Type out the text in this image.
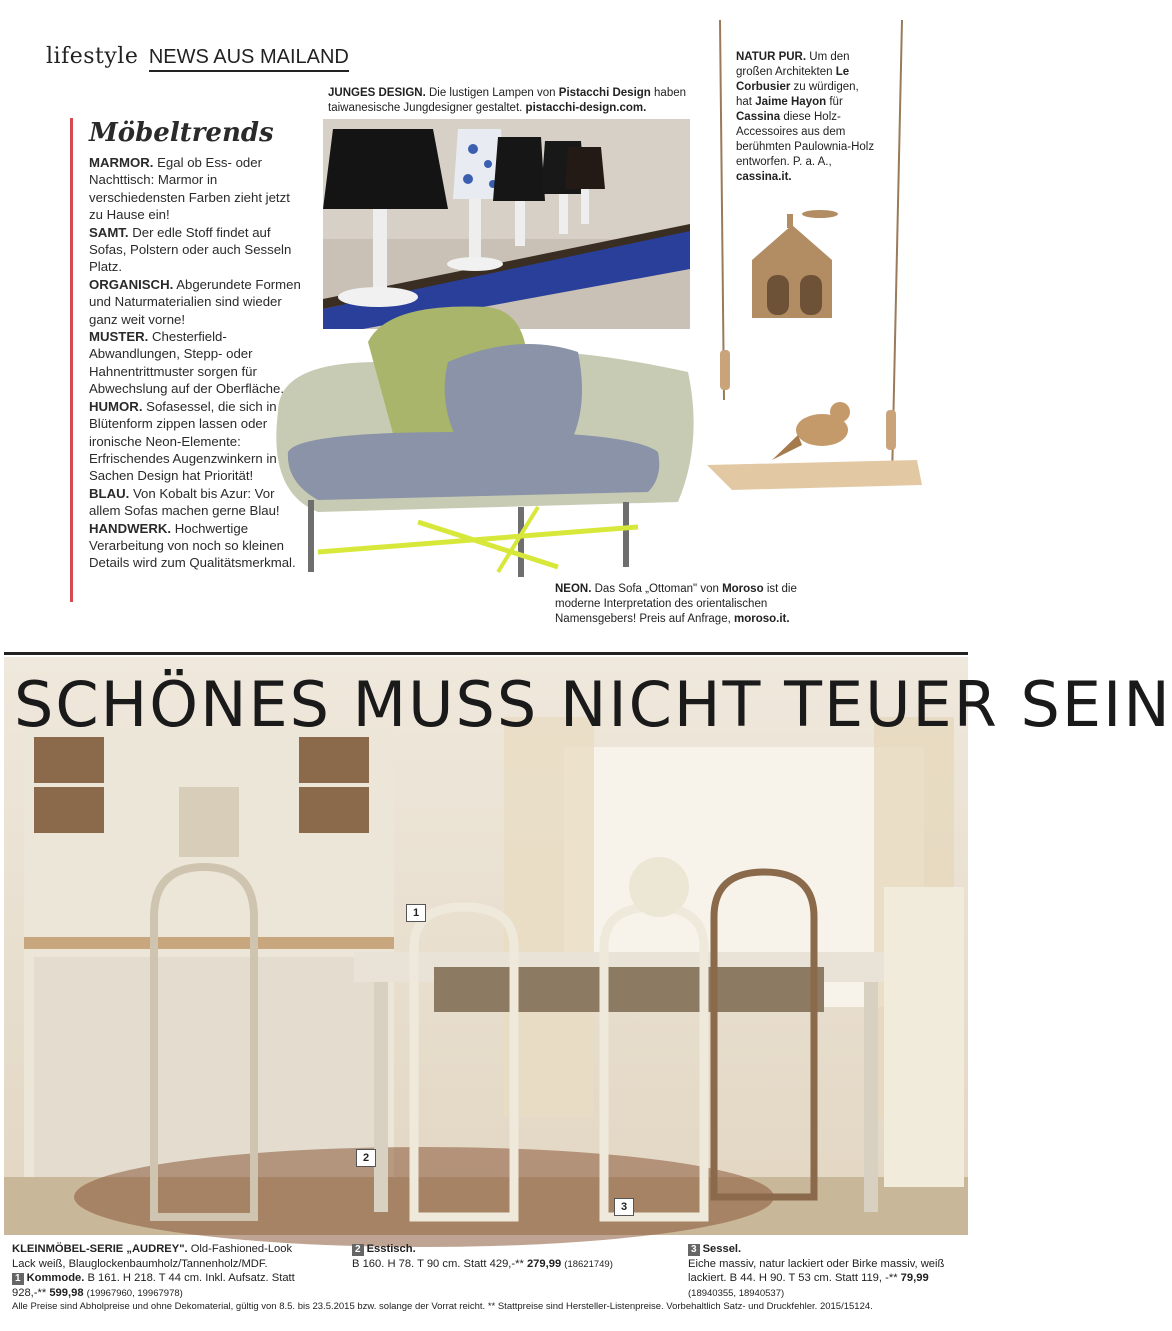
lifestyle NEWS AUS MAILAND
JUNGES DESIGN. Die lustigen Lampen von Pistacchi Design haben taiwanesische Jungdesigner gestaltet. pistacchi-design.com.
NATUR PUR. Um den großen Architekten Le Corbusier zu würdigen, hat Jaime Hayon für Cassina diese Holz-Accessoires aus dem berühmten Paulownia-Holz entworfen. P. a. A., cassina.it.
Möbeltrends
MARMOR. Egal ob Ess- oder Nachttisch: Marmor in verschiedensten Farben zieht jetzt zu Hause ein!
SAMT. Der edle Stoff findet auf Sofas, Polstern oder auch Sesseln Platz.
ORGANISCH. Abgerundete Formen und Naturmaterialien sind wieder ganz weit vorne!
MUSTER. Chesterfield-Abwandlungen, Stepp- oder Hahnentrittmuster sorgen für Abwechslung auf der Oberfläche.
HUMOR. Sofasessel, die sich in Blütenform zippen lassen oder ironische Neon-Elemente: Erfrischendes Augenzwinkern in Sachen Design hat Priorität!
BLAU. Von Kobalt bis Azur: Vor allem Sofas machen gerne Blau!
HANDWERK. Hochwertige Verarbeitung von noch so kleinen Details wird zum Qualitätsmerkmal.
NEON. Das Sofa „Ottoman" von Moroso ist die moderne Interpretation des orientalischen Namensgebers! Preis auf Anfrage, moroso.it.
SCHÖNES MUSS NICHT TEUER SEIN
1
2
3
KLEINMÖBEL-SERIE „AUDREY". Old-Fashioned-Look Lack weiß, Blauglockenbaumholz/Tannenholz/MDF.
1 Kommode. B 161. H 218. T 44 cm. Inkl. Aufsatz. Statt 928,-** 599,98 (19967960, 19967978)
2 Esstisch.
B 160. H 78. T 90 cm. Statt 429,-** 279,99 (18621749)
3 Sessel.
Eiche massiv, natur lackiert oder Birke massiv, weiß lackiert. B 44. H 90. T 53 cm. Statt 119, -** 79,99 (18940355, 18940537)
Alle Preise sind Abholpreise und ohne Dekomaterial, gültig von 8.5. bis 23.5.2015 bzw. solange der Vorrat reicht. ** Stattpreise sind Hersteller-Listenpreise. Vorbehaltlich Satz- und Druckfehler. 2015/15124.
